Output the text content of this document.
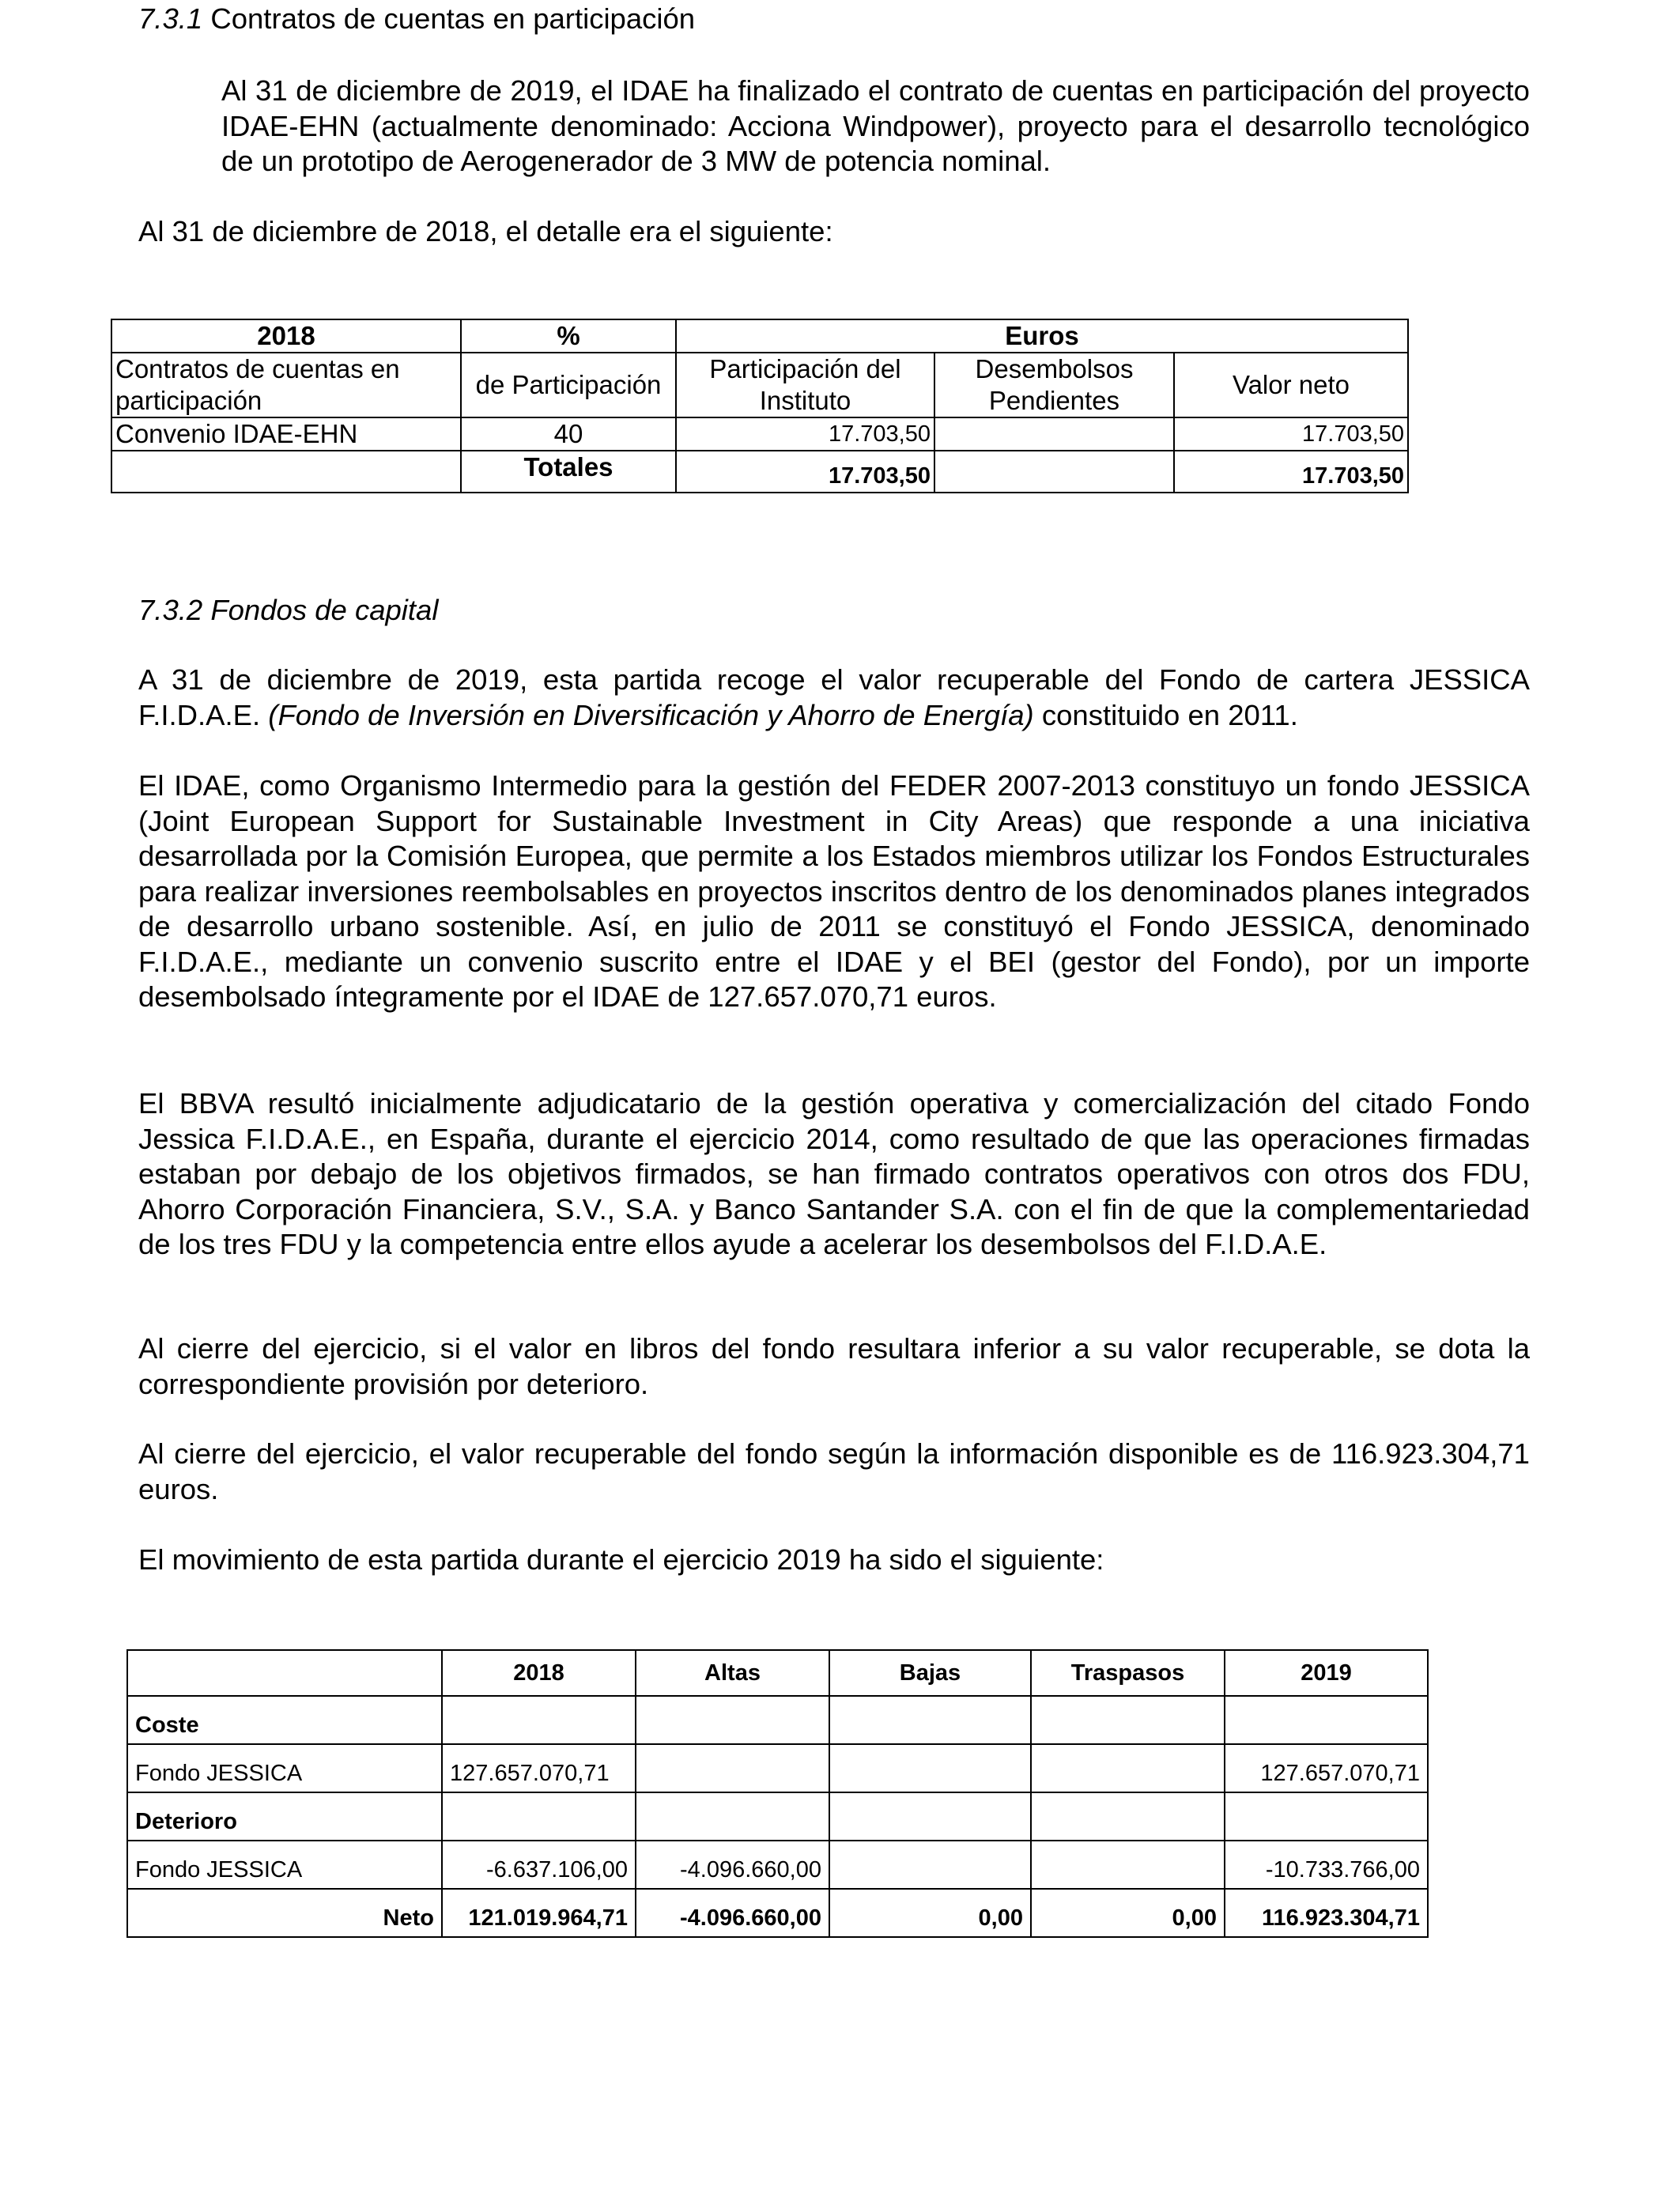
7.3.1 Contratos de cuentas en participación

Al 31 de diciembre de 2019, el IDAE ha finalizado el contrato de cuentas en participación del proyecto IDAE-EHN (actualmente denominado: Acciona Windpower), proyecto para el desarrollo tecnológico de un prototipo de Aerogenerador de 3 MW de potencia nominal.

Al 31 de diciembre de 2018, el detalle era el siguiente:

2018	%	Euros		
Contratos de cuentas en participación	de Participación	Participación del Instituto	Desembolsos Pendientes	Valor neto
Convenio IDAE-EHN	40	17.703,50		17.703,50
	Totales	17.703,50		17.703,50
7.3.2 Fondos de capital

A 31 de diciembre de 2019, esta partida recoge el valor recuperable del Fondo de cartera JESSICA F.I.D.A.E. (Fondo de Inversión en Diversificación y Ahorro de Energía) constituido en 2011.

El IDAE, como Organismo Intermedio para la gestión del FEDER 2007-2013 constituyo un fondo JESSICA (Joint European Support for Sustainable Investment in City Areas) que responde a una iniciativa desarrollada por la Comisión Europea, que permite a los Estados miembros utilizar los Fondos Estructurales para realizar inversiones reembolsables en proyectos inscritos dentro de los denominados planes integrados de desarrollo urbano sostenible. Así, en julio de 2011 se constituyó el Fondo JESSICA, denominado F.I.D.A.E., mediante un convenio suscrito entre el IDAE y el BEI (gestor del Fondo), por un importe desembolsado íntegramente por el IDAE de 127.657.070,71 euros.

El BBVA resultó inicialmente adjudicatario de la gestión operativa y comercialización del citado Fondo Jessica F.I.D.A.E., en España, durante el ejercicio 2014, como resultado de que las operaciones firmadas estaban por debajo de los objetivos firmados, se han firmado contratos operativos con otros dos FDU, Ahorro Corporación Financiera, S.V., S.A. y Banco Santander S.A. con el fin de que la complementariedad de los tres FDU y la competencia entre ellos ayude a acelerar los desembolsos del F.I.D.A.E.

Al cierre del ejercicio, si el valor en libros del fondo resultara inferior a su valor recuperable, se dota la correspondiente provisión por deterioro.

Al cierre del ejercicio, el valor recuperable del fondo según la información disponible es de 116.923.304,71 euros.

El movimiento de esta partida durante el ejercicio 2019 ha sido el siguiente:

	2018	Altas	Bajas	Traspasos	2019
Coste					
Fondo JESSICA	127.657.070,71				127.657.070,71
Deterioro					
Fondo JESSICA	-6.637.106,00	-4.096.660,00			-10.733.766,00
Neto	121.019.964,71	-4.096.660,00	0,00	0,00	116.923.304,71
